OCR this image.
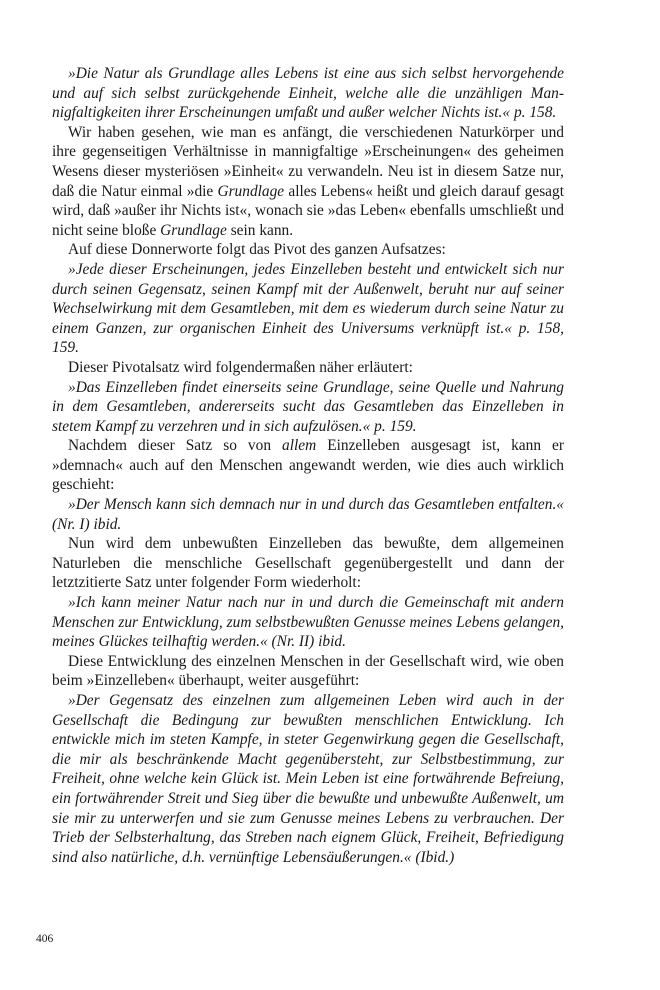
»Die Natur als Grundlage alles Lebens ist eine aus sich selbst hervorgehende und auf sich selbst zurückgehende Einheit, welche alle die unzähligen Mannigfaltigkeiten ihrer Erscheinungen umfaßt und außer welcher Nichts ist.« p. 158.

Wir haben gesehen, wie man es anfängt, die verschiedenen Naturkörper und ihre gegenseitigen Verhältnisse in mannigfaltige »Erscheinungen« des geheimen Wesens dieser mysteriösen »Einheit« zu verwandeln. Neu ist in diesem Satze nur, daß die Natur einmal »die Grundlage alles Lebens« heißt und gleich darauf gesagt wird, daß »außer ihr Nichts ist«, wonach sie »das Leben« ebenfalls umschließt und nicht seine bloße Grundlage sein kann.

Auf diese Donnerworte folgt das Pivot des ganzen Aufsatzes:

»Jede dieser Erscheinungen, jedes Einzelleben besteht und entwickelt sich nur durch seinen Gegensatz, seinen Kampf mit der Außenwelt, beruht nur auf seiner Wechselwirkung mit dem Gesamtleben, mit dem es wiederum durch seine Natur zu einem Ganzen, zur organischen Einheit des Universums verknüpft ist.« p. 158, 159.

Dieser Pivotalsatz wird folgendermaßen näher erläutert:

»Das Einzelleben findet einerseits seine Grundlage, seine Quelle und Nahrung in dem Gesamtleben, andererseits sucht das Gesamtleben das Einzelleben in stetem Kampf zu verzehren und in sich aufzulösen.« p. 159.

Nachdem dieser Satz so von allem Einzelleben ausgesagt ist, kann er »demnach« auch auf den Menschen angewandt werden, wie dies auch wirklich geschieht:

»Der Mensch kann sich demnach nur in und durch das Gesamtleben entfalten.« (Nr. I) ibid.

Nun wird dem unbewußten Einzelleben das bewußte, dem allgemeinen Naturleben die menschliche Gesellschaft gegenübergestellt und dann der letztzitierte Satz unter folgender Form wiederholt:

»Ich kann meiner Natur nach nur in und durch die Gemeinschaft mit andern Menschen zur Entwicklung, zum selbstbewußten Genusse meines Lebens gelangen, meines Glückes teilhaftig werden.« (Nr. II) ibid.

Diese Entwicklung des einzelnen Menschen in der Gesellschaft wird, wie oben beim »Einzelleben« überhaupt, weiter ausgeführt:

»Der Gegensatz des einzelnen zum allgemeinen Leben wird auch in der Gesellschaft die Bedingung zur bewußten menschlichen Entwicklung. Ich entwickle mich im steten Kampfe, in steter Gegenwirkung gegen die Gesellschaft, die mir als beschränkende Macht gegenübersteht, zur Selbstbestimmung, zur Freiheit, ohne welche kein Glück ist. Mein Leben ist eine fortwährende Befreiung, ein fortwährender Streit und Sieg über die bewußte und unbewußte Außenwelt, um sie mir zu unterwerfen und sie zum Genusse meines Lebens zu verbrauchen. Der Trieb der Selbsterhaltung, das Streben nach eignem Glück, Freiheit, Befriedigung sind also natürliche, d.h. vernünftige Lebensäußerungen.« (Ibid.)

406
